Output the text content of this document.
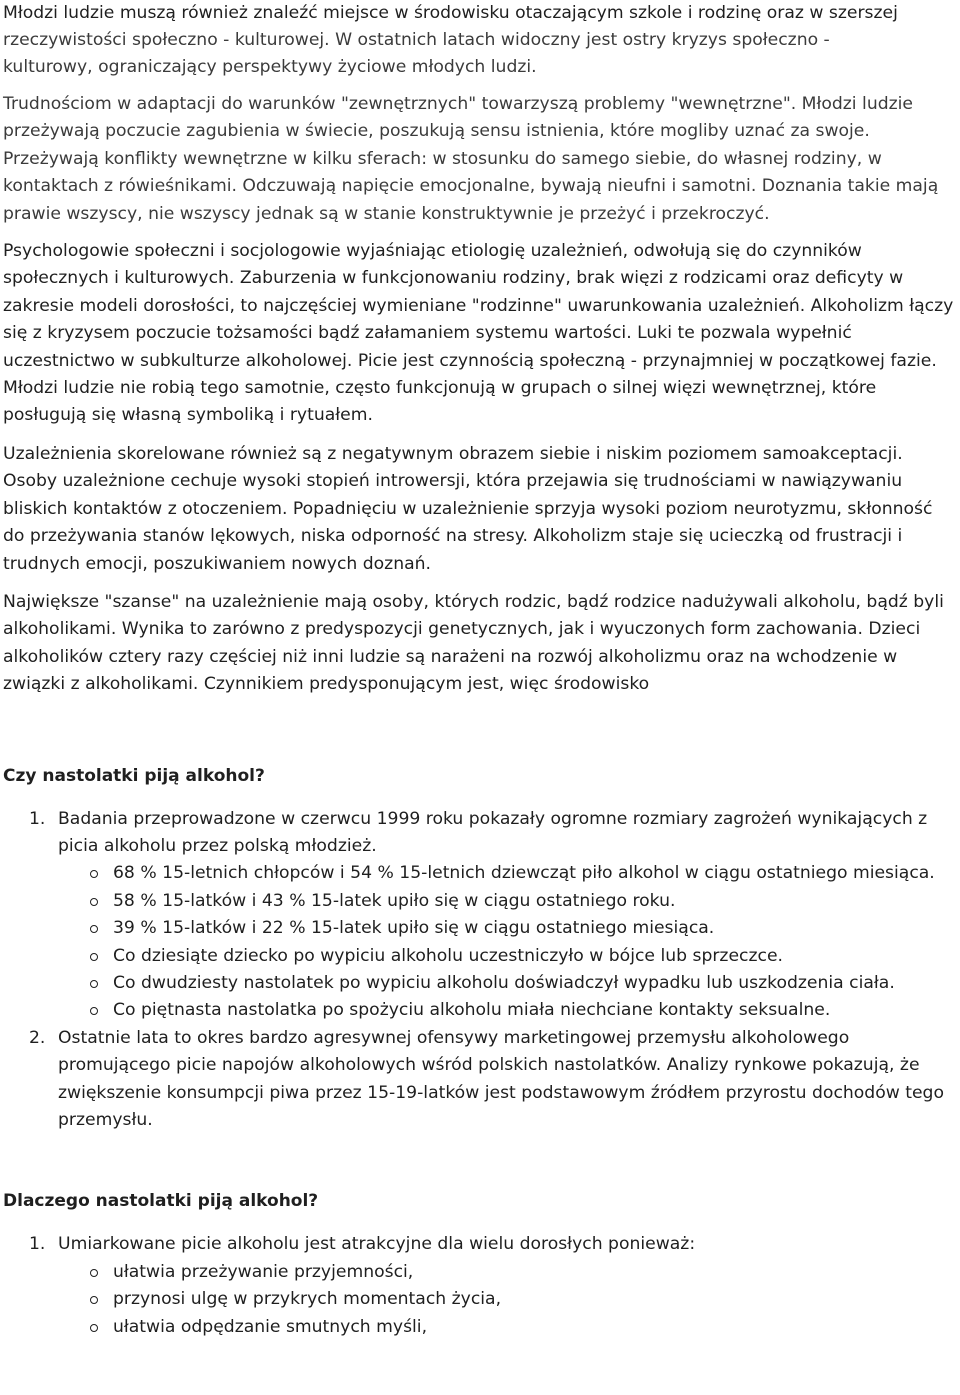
Młodzi ludzie muszą również znaleźć miejsce w środowisku otaczającym szkole i rodzinę oraz w szerszej

rzeczywistości społeczno - kulturowej. W ostatnich latach widoczny jest ostry kryzys społeczno -

kulturowy, ograniczający perspektywy życiowe młodych ludzi.

Trudnościom w adaptacji do warunków "zewnętrznych" towarzyszą problemy "wewnętrzne". Młodzi ludzie przeżywają poczucie zagubienia w świecie, poszukują sensu istnienia, które mogliby uznać za swoje. Przeżywają konflikty wewnętrzne w kilku sferach: w stosunku do samego siebie, do własnej rodziny, w kontaktach z rówieśnikami. Odczuwają napięcie emocjonalne, bywają nieufni i samotni. Doznania takie mają prawie wszyscy, nie wszyscy jednak są w stanie konstruktywnie je przeżyć i przekroczyć.

Psychologowie społeczni i socjologowie wyjaśniając etiologię uzależnień, odwołują się do czynników społecznych i kulturowych. Zaburzenia w funkcjonowaniu rodziny, brak więzi z rodzicami oraz deficyty w zakresie modeli dorosłości, to najczęściej wymieniane "rodzinne" uwarunkowania uzależnień. Alkoholizm łączy się z kryzysem poczucie tożsamości bądź załamaniem systemu wartości. Luki te pozwala wypełnić uczestnictwo w subkulturze alkoholowej. Picie jest czynnością społeczną - przynajmniej w początkowej fazie. Młodzi ludzie nie robią tego samotnie, często funkcjonują w grupach o silnej więzi wewnętrznej, które posługują się własną symboliką i rytuałem.

Uzależnienia skorelowane również są z negatywnym obrazem siebie i niskim poziomem samoakceptacji. Osoby uzależnione cechuje wysoki stopień introwersji, która przejawia się trudnościami w nawiązywaniu bliskich kontaktów z otoczeniem. Popadnięciu w uzależnienie sprzyja wysoki poziom neurotyzmu, skłonność do przeżywania stanów lękowych, niska odporność na stresy. Alkoholizm staje się ucieczką od frustracji i trudnych emocji, poszukiwaniem nowych doznań.

Największe "szanse" na uzależnienie mają osoby, których rodzic, bądź rodzice nadużywali alkoholu, bądź byli alkoholikami. Wynika to zarówno z predyspozycji genetycznych, jak i wyuczonych form zachowania. Dzieci alkoholików cztery razy częściej niż inni ludzie są narażeni na rozwój alkoholizmu oraz na wchodzenie w związki z alkoholikami. Czynnikiem predysponującym jest, więc środowisko

Czy nastolatki piją alkohol?
1. Badania przeprowadzone w czerwcu 1999 roku pokazały ogromne rozmiary zagrożeń wynikających z picia alkoholu przez polską młodzież.
68 % 15-letnich chłopców i 54 % 15-letnich dziewcząt piło alkohol w ciągu ostatniego miesiąca.
58 % 15-latków i 43 % 15-latek upiło się w ciągu ostatniego roku.
39 % 15-latków i 22 % 15-latek upiło się w ciągu ostatniego miesiąca.
Co dziesiąte dziecko po wypiciu alkoholu uczestniczyło w bójce lub sprzeczce.
Co dwudziesty nastolatek po wypiciu alkoholu doświadczył wypadku lub uszkodzenia ciała.
Co piętnasta nastolatka po spożyciu alkoholu miała niechciane kontakty seksualne.
2. Ostatnie lata to okres bardzo agresywnej ofensywy marketingowej przemysłu alkoholowego promującego picie napojów alkoholowych wśród polskich nastolatków. Analizy rynkowe pokazują, że zwiększenie konsumpcji piwa przez 15-19-latków jest podstawowym źródłem przyrostu dochodów tego przemysłu.
Dlaczego nastolatki piją alkohol?
1. Umiarkowane picie alkoholu jest atrakcyjne dla wielu dorosłych ponieważ:
ułatwia przeżywanie przyjemności,
przynosi ulgę w przykrych momentach życia,
ułatwia odpędzanie smutnych myśli,
